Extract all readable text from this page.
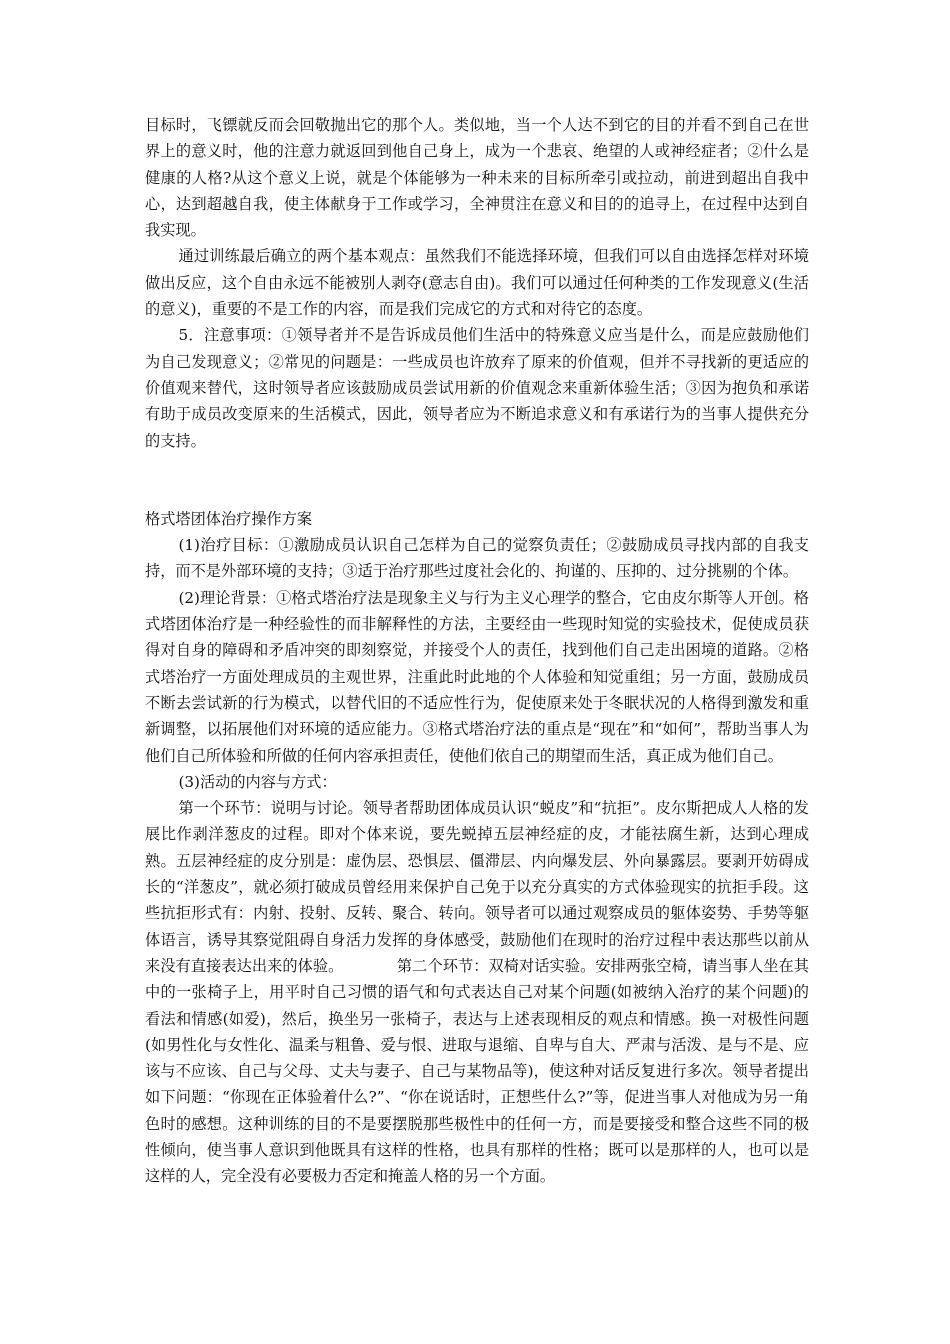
目标时，飞镖就反而会回敬抛出它的那个人。类似地，当一个人达不到它的目的并看不到自己在世界上的意义时，他的注意力就返回到他自己身上，成为一个悲哀、绝望的人或神经症者；②什么是健康的人格?从这个意义上说，就是个体能够为一种未来的目标所牵引或拉动，前进到超出自我中心，达到超越自我，使主体献身于工作或学习，全神贯注在意义和目的的追寻上，在过程中达到自我实现。

通过训练最后确立的两个基本观点：虽然我们不能选择环境，但我们可以自由选择怎样对环境做出反应，这个自由永远不能被别人剥夺(意志自由)。我们可以通过任何种类的工作发现意义(生活的意义)，重要的不是工作的内容，而是我们完成它的方式和对待它的态度。

5．注意事项：①领导者并不是告诉成员他们生活中的特殊意义应当是什么，而是应鼓励他们为自己发现意义；②常见的问题是：一些成员也许放弃了原来的价值观，但并不寻找新的更适应的价值观来替代，这时领导者应该鼓励成员尝试用新的价值观念来重新体验生活；③因为抱负和承诺有助于成员改变原来的生活模式，因此，领导者应为不断追求意义和有承诺行为的当事人提供充分的支持。

格式塔团体治疗操作方案

(1)治疗目标：①激励成员认识自己怎样为自己的觉察负责任；②鼓励成员寻找内部的自我支持，而不是外部环境的支持；③适于治疗那些过度社会化的、拘谨的、压抑的、过分挑剔的个体。

(2)理论背景：①格式塔治疗法是现象主义与行为主义心理学的整合，它由皮尔斯等人开创。格式塔团体治疗是一种经验性的而非解释性的方法，主要经由一些现时知觉的实验技术，促使成员获得对自身的障碍和矛盾冲突的即刻察觉，并接受个人的责任，找到他们自己走出困境的道路。②格式塔治疗一方面处理成员的主观世界，注重此时此地的个人体验和知觉重组；另一方面，鼓励成员不断去尝试新的行为模式，以替代旧的不适应性行为，促使原来处于冬眠状况的人格得到激发和重新调整，以拓展他们对环境的适应能力。③格式塔治疗法的重点是“现在”和“如何”，帮助当事人为他们自己所体验和所做的任何内容承担责任，使他们依自己的期望而生活，真正成为他们自己。

(3)活动的内容与方式：

第一个环节：说明与讨论。领导者帮助团体成员认识“蜕皮”和“抗拒”。皮尔斯把成人人格的发展比作剥洋葱皮的过程。即对个体来说，要先蜕掉五层神经症的皮，才能祛腐生新，达到心理成熟。五层神经症的皮分别是：虚伪层、恐惧层、僵滞层、内向爆发层、外向暴露层。要剥开妨碍成长的“洋葱皮”，就必须打破成员曾经用来保护自己免于以充分真实的方式体验现实的抗拒手段。这些抗拒形式有：内射、投射、反转、聚合、转向。领导者可以通过观察成员的躯体姿势、手势等躯体语言，诱导其察觉阻碍自身活力发挥的身体感受，鼓励他们在现时的治疗过程中表达那些以前从来没有直接表达出来的体验。　　　　第二个环节：双椅对话实验。安排两张空椅，请当事人坐在其中的一张椅子上，用平时自己习惯的语气和句式表达自己对某个问题(如被纳入治疗的某个问题)的看法和情感(如爱)，然后，换坐另一张椅子，表达与上述表现相反的观点和情感。换一对极性问题(如男性化与女性化、温柔与粗鲁、爱与恨、进取与退缩、自卑与自大、严肃与活泼、是与不是、应该与不应该、自己与父母、丈夫与妻子、自己与某物品等)，使这种对话反复进行多次。领导者提出如下问题：“你现在正体验着什么?”、“你在说话时，正想些什么?”等，促进当事人对他成为另一角色时的感想。这种训练的目的不是要摆脱那些极性中的任何一方，而是要接受和整合这些不同的极性倾向，使当事人意识到他既具有这样的性格，也具有那样的性格；既可以是那样的人，也可以是这样的人，完全没有必要极力否定和掩盖人格的另一个方面。
